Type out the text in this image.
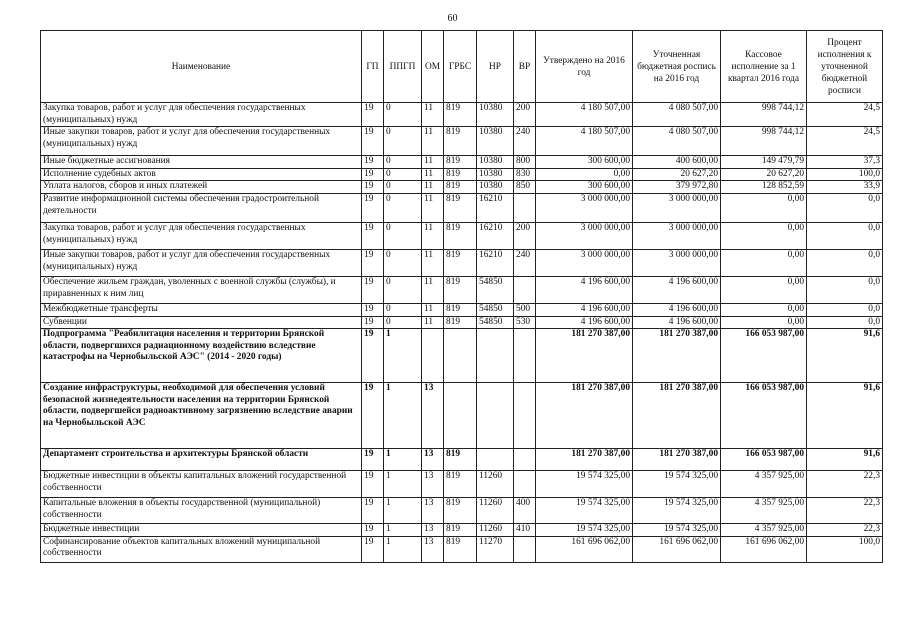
60
Наименование	ГП	ППГП	ОМ	ГРБС	НР	ВР	Утверждено на 2016 год	Уточненная бюджетная роспись на 2016 год	Кассовое исполнение за 1 квартал 2016 года	Процент исполнения к уточненной бюджетной росписи
Закупка товаров, работ и услуг для обеспечения государственных (муниципальных) нужд	19	0	11	819	10380	200	4 180 507,00	4 080 507,00	998 744,12	24,5
Иные закупки товаров, работ и услуг для обеспечения государственных (муниципальных) нужд	19	0	11	819	10380	240	4 180 507,00	4 080 507,00	998 744,12	24,5
Иные бюджетные ассигнования	19	0	11	819	10380	800	300 600,00	400 600,00	149 479,79	37,3
Исполнение судебных актов	19	0	11	819	10380	830	0,00	20 627,20	20 627,20	100,0
Уплата налогов, сборов и иных платежей	19	0	11	819	10380	850	300 600,00	379 972,80	128 852,59	33,9
Развитие информационной системы обеспечения градостроительной деятельности	19	0	11	819	16210		3 000 000,00	3 000 000,00	0,00	0,0
Закупка товаров, работ и услуг для обеспечения государственных (муниципальных) нужд	19	0	11	819	16210	200	3 000 000,00	3 000 000,00	0,00	0,0
Иные закупки товаров, работ и услуг для обеспечения государственных (муниципальных) нужд	19	0	11	819	16210	240	3 000 000,00	3 000 000,00	0,00	0,0
Обеспечение жильем граждан, уволенных с военной службы (службы), и приравненных к ним лиц	19	0	11	819	54850		4 196 600,00	4 196 600,00	0,00	0,0
Межбюджетные трансферты	19	0	11	819	54850	500	4 196 600,00	4 196 600,00	0,00	0,0
Субвенции	19	0	11	819	54850	530	4 196 600,00	4 196 600,00	0,00	0,0
Подпрограмма "Реабилитация населения и территории Брянской области, подвергшихся радиационному воздействию вследствие катастрофы на Чернобыльской АЭС" (2014 - 2020 годы)	19	1					181 270 387,00	181 270 387,00	166 053 987,00	91,6
Создание инфраструктуры, необходимой для обеспечения условий безопасной жизнедеятельности населения на территории Брянской области, подвергшейся радиоактивному загрязнению вследствие аварии на Чернобыльской АЭС	19	1	13				181 270 387,00	181 270 387,00	166 053 987,00	91,6
Департамент строительства и архитектуры Брянской области	19	1	13	819			181 270 387,00	181 270 387,00	166 053 987,00	91,6
Бюджетные инвестиции в объекты капитальных вложений государственной собственности	19	1	13	819	11260		19 574 325,00	19 574 325,00	4 357 925,00	22,3
Капитальные вложения в объекты государственной (муниципальной) собственности	19	1	13	819	11260	400	19 574 325,00	19 574 325,00	4 357 925,00	22,3
Бюджетные инвестиции	19	1	13	819	11260	410	19 574 325,00	19 574 325,00	4 357 925,00	22,3
Софинансирование объектов капитальных вложений муниципальной собственности	19	1	13	819	11270		161 696 062,00	161 696 062,00	161 696 062,00	100,0
